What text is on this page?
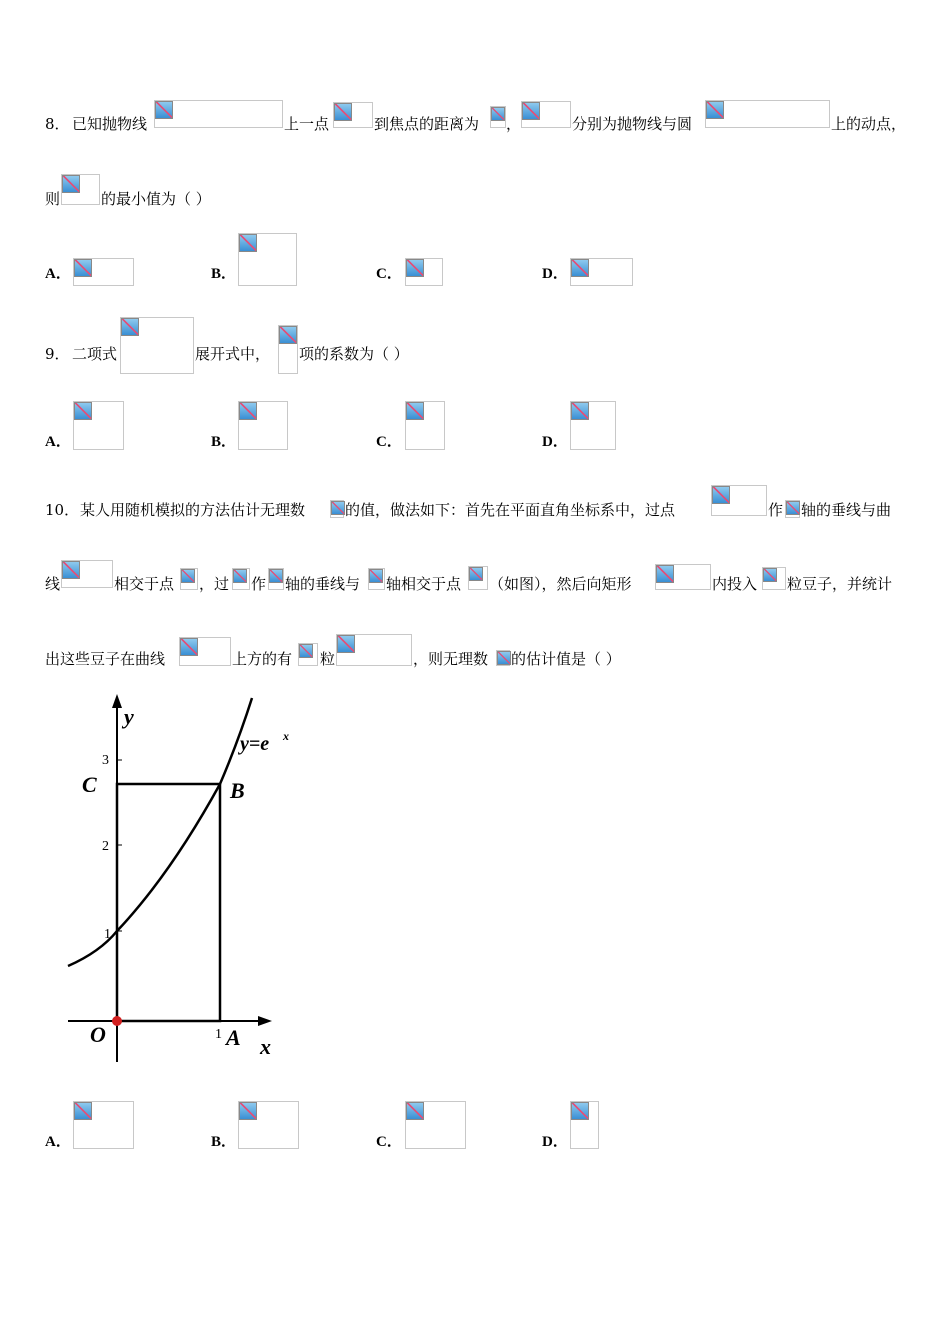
8． 已知抛物线	上一点	到焦点的距离为 ，	分别为抛物线与圆	上的动点，
则	的最小值为（ ）
A．	B．	C．	D．
9． 二项式	展开式中， 项的系数为（ ）
A．	B．	C．	D．
10． 某人用随机模拟的方法估计无理数	的值，做法如下：首先在平面直角坐标系中，过点	作 轴的垂线与曲
线	相交于点 ，过 作 轴的垂线与 轴相交于点 （如图），然后向矩形	内投入 粒豆子，并统计
出这些豆子在曲线	上方的有 粒	，则无理数 的估计值是（ ）
y
x
y=e x
O	A
B
C
3
2
1
1
A．	B．	C．	D．
